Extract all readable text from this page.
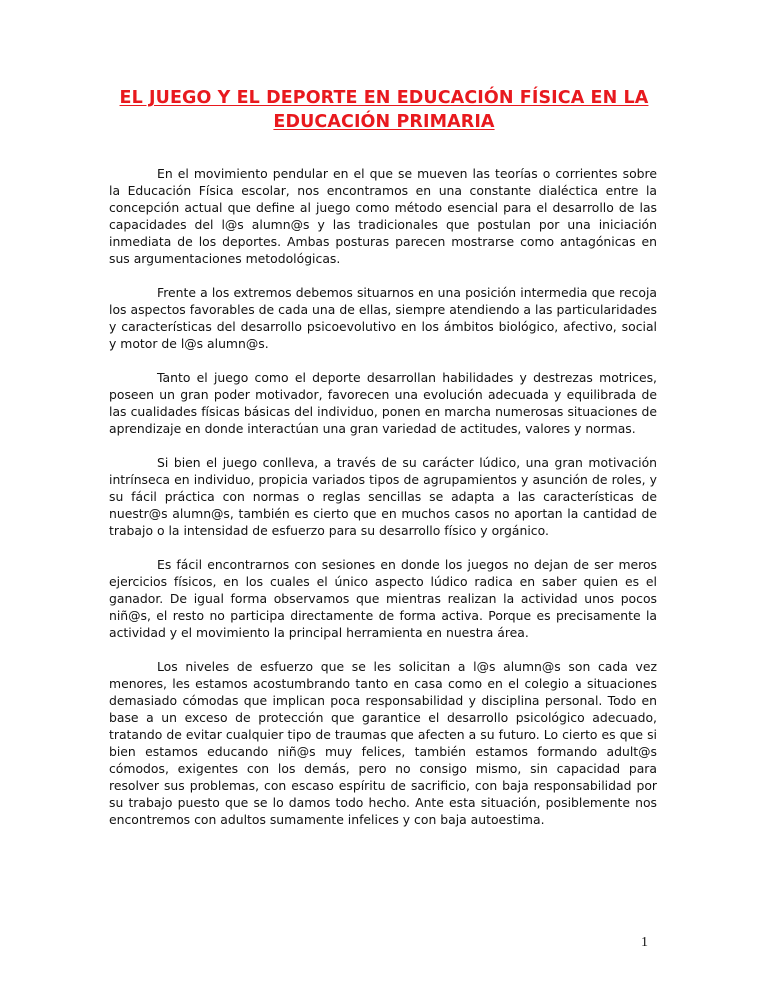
EL JUEGO Y EL DEPORTE EN EDUCACIÓN FÍSICA EN LA EDUCACIÓN PRIMARIA

En el movimiento pendular en el que se mueven las teorías o corrientes sobre la Educación Física escolar, nos encontramos en una constante dialéctica entre la concepción actual que define al juego como método esencial para el desarrollo de las capacidades del l@s alumn@s y las tradicionales que postulan por una iniciación inmediata de los deportes. Ambas posturas parecen mostrarse como antagónicas en sus argumentaciones metodológicas.

Frente a los extremos debemos situarnos en una posición intermedia que recoja los aspectos favorables de cada una de ellas, siempre atendiendo a las particularidades y características del desarrollo psicoevolutivo en los ámbitos biológico, afectivo, social y motor de l@s alumn@s.

Tanto el juego como el deporte desarrollan habilidades y destrezas motrices, poseen un gran poder motivador, favorecen una evolución adecuada y equilibrada de las cualidades físicas básicas del individuo, ponen en marcha numerosas situaciones de aprendizaje en donde interactúan una gran variedad de actitudes, valores y normas.

Si bien el juego conlleva, a través de su carácter lúdico, una gran motivación intrínseca en individuo, propicia variados tipos de agrupamientos y asunción de roles, y su fácil práctica con normas o reglas sencillas se adapta a las características de nuestr@s alumn@s, también es cierto que en muchos casos no aportan la cantidad de trabajo o la intensidad de esfuerzo para su desarrollo físico y orgánico.

Es fácil encontrarnos con sesiones en donde los juegos no dejan de ser meros ejercicios físicos, en los cuales el único aspecto lúdico radica en saber quien es el ganador. De igual forma observamos que mientras realizan la actividad unos pocos niñ@s, el resto no participa directamente de forma activa. Porque es precisamente la actividad y el movimiento la principal herramienta en nuestra área.

Los niveles de esfuerzo que se les solicitan a l@s alumn@s son cada vez menores, les estamos acostumbrando tanto en casa como en el colegio a situaciones demasiado cómodas que implican poca responsabilidad y disciplina personal. Todo en base a un exceso de protección que garantice el desarrollo psicológico adecuado, tratando de evitar cualquier tipo de traumas que afecten a su futuro. Lo cierto es que si bien estamos educando niñ@s muy felices, también estamos formando adult@s cómodos, exigentes con los demás, pero no consigo mismo, sin capacidad para resolver sus problemas, con escaso espíritu de sacrificio, con baja responsabilidad por su trabajo puesto que se lo damos todo hecho. Ante esta situación, posiblemente nos encontremos con adultos sumamente infelices y con baja autoestima.

1
